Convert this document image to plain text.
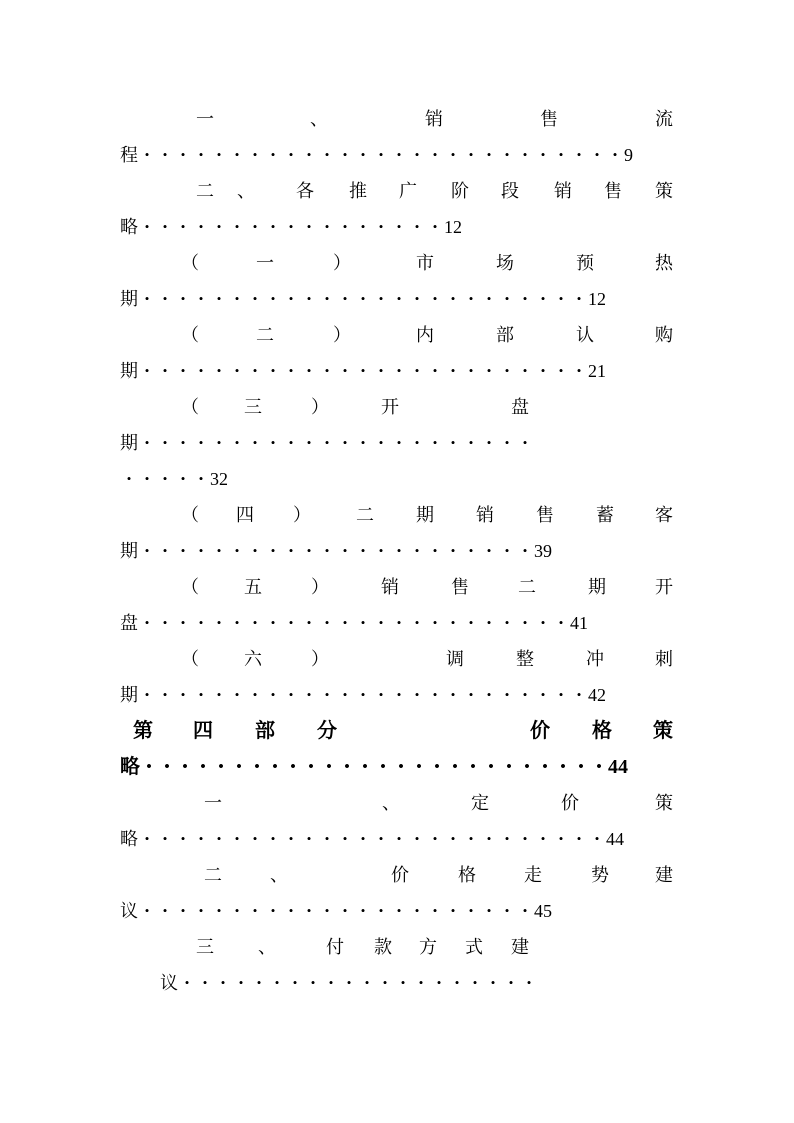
一	、	销	售	流
程 •	•	•	•	•	•	•	•	•	•	•	•	•	•	•	•	•	•	•	•	•	•	•	•	•	•	• 9
二 、 各 推 广 阶 段 销 售 策
略 •	•	•	•	•	•	•	•	•	•	•	•	•	•	•	•	• 12
（	一	）	市	场	预	热
期 •	•	•	•	•	•	•	•	•	•	•	•	•	•	•	•	•	•	•	•	•	•	•	•	• 12
（	二	）	内	部	认	购
期 •	•	•	•	•	•	•	•	•	•	•	•	•	•	•	•	•	•	•	•	•	•	•	•	• 21
（	三	）	开	盘
期 •	•	•	•	•	•	•	•	•	•	•	•	•	•	•	•	•	•	•	•	•	•
•	•	•	•	• 32
（ 四 ）	二 期 销 售 蓄 客
期 •	•	•	•	•	•	•	•	•	•	•	•	•	•	•	•	•	•	•	•	•	• 39
（	五	）	销	售	二	期	开
盘 •	•	•	•	•	•	•	•	•	•	•	•	•	•	•	•	•	•	•	•	•	•	•	• 41
（	六	）	调	整	冲	刺
期 •	•	•	•	•	•	•	•	•	•	•	•	•	•	•	•	•	•	•	•	•	•	•	•	• 42
第 四 部 分	价 格 策
略 • • • • • • • • • • • • • • • • • • • • • • • • • • 44
一	、	定	价	策
略 •	•	•	•	•	•	•	•	•	•	•	•	•	•	•	•	•	•	•	•	•	•	•	•	•	• 44
二	、	价	格	走	势	建
议 •	•	•	•	•	•	•	•	•	•	•	•	•	•	•	•	•	•	•	•	•	• 45
三 、	付 款 方 式 建
议 •	•	•	•	•	•	•	•	•	•	•	•	•	•	•	•	•	•	•	•
